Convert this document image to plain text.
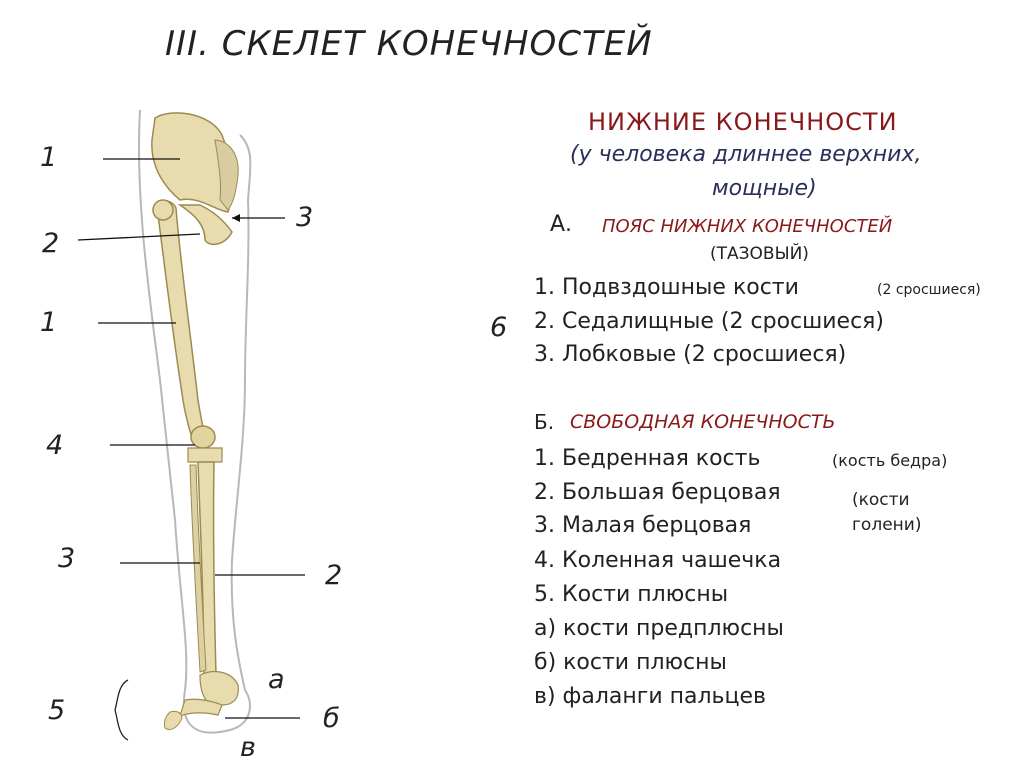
III. СКЕЛЕТ КОНЕЧНОСТЕЙ
1
2
3
1
4
3
2
5
а
б
в
6
НИЖНИЕ КОНЕЧНОСТИ
(у человека длиннее верхних,
мощные)
А. ПОЯС НИЖНИХ КОНЕЧНОСТЕЙ
(ТАЗОВЫЙ)
1. Подвздошные кости	(2 сросшиеся)
2. Седалищные (2 сросшиеся)
3. Лобковые (2 сросшиеся)
Б. СВОБОДНАЯ КОНЕЧНОСТЬ
1. Бедренная кость	(кость бедра)
2. Большая берцовая	(кости
голени)
3. Малая берцовая
4. Коленная чашечка
5. Кости плюсны
а) кости предплюсны
б) кости плюсны
в) фаланги пальцев
